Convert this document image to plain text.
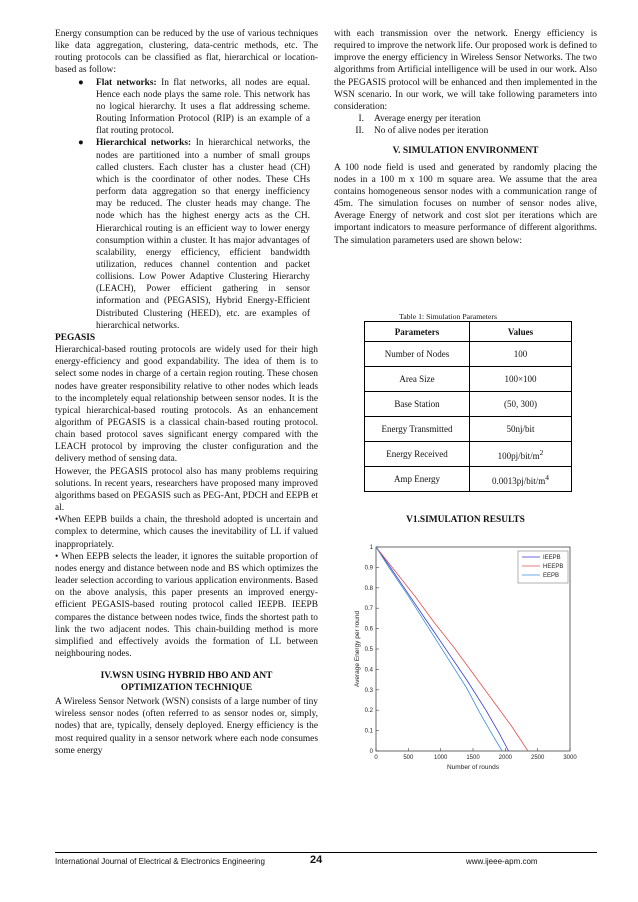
Energy consumption can be reduced by the use of various techniques like data aggregation, clustering, data-centric methods, etc. The routing protocols can be classified as flat, hierarchical or location-based as follow:

● Flat networks: In flat networks, all nodes are equal. Hence each node plays the same role. This network has no logical hierarchy. It uses a flat addressing scheme. Routing Information Protocol (RIP) is an example of a flat routing protocol.
● Hierarchical networks: In hierarchical networks, the nodes are partitioned into a number of small groups called clusters. Each cluster has a cluster head (CH) which is the coordinator of other nodes. These CHs perform data aggregation so that energy inefficiency may be reduced. The cluster heads may change. The node which has the highest energy acts as the CH. Hierarchical routing is an efficient way to lower energy consumption within a cluster. It has major advantages of scalability, energy efficiency, efficient bandwidth utilization, reduces channel contention and packet collisions. Low Power Adaptive Clustering Hierarchy (LEACH), Power efficient gathering in sensor information and (PEGASIS), Hybrid Energy-Efficient Distributed Clustering (HEED), etc. are examples of hierarchical networks.

PEGASIS

Hierarchical-based routing protocols are widely used for their high energy-efficiency and good expandability. The idea of them is to select some nodes in charge of a certain region routing. These chosen nodes have greater responsibility relative to other nodes which leads to the incompletely equal relationship between sensor nodes. It is the typical hierarchical-based routing protocols. As an enhancement algorithm of PEGASIS is a classical chain-based routing protocol. chain based protocol saves significant energy compared with the LEACH protocol by improving the cluster configuration and the delivery method of sensing data.

However, the PEGASIS protocol also has many problems requiring solutions. In recent years, researchers have proposed many improved algorithms based on PEGASIS such as PEG-Ant, PDCH and EEPB et al.

•When EEPB builds a chain, the threshold adopted is uncertain and complex to determine, which causes the inevitability of LL if valued inappropriately.

• When EEPB selects the leader, it ignores the suitable proportion of nodes energy and distance between node and BS which optimizes the leader selection according to various application environments. Based on the above analysis, this paper presents an improved energy-efficient PEGASIS-based routing protocol called IEEPB. IEEPB compares the distance between nodes twice, finds the shortest path to link the two adjacent nodes. This chain-building method is more simplified and effectively avoids the formation of LL between neighbouring nodes.

IV.WSN USING HYBRID HBO AND ANT
OPTIMIZATION TECHNIQUE

A Wireless Sensor Network (WSN) consists of a large number of tiny wireless sensor nodes (often referred to as sensor nodes or, simply, nodes) that are, typically, densely deployed. Energy efficiency is the most required quality in a sensor network where each node consumes some energy

with each transmission over the network. Energy efficiency is required to improve the network life. Our proposed work is defined to improve the energy efficiency in Wireless Sensor Networks. The two algorithms from Artificial intelligence will be used in our work. Also the PEGASIS protocol will be enhanced and then implemented in the WSN scenario. In our work, we will take following parameters into consideration:

I. Average energy per iteration
II. No of alive nodes per iteration
V. SIMULATION ENVIRONMENT

A 100 node field is used and generated by randomly placing the nodes in a 100 m x 100 m square area. We assume that the area contains homogeneous sensor nodes with a communication range of 45m. The simulation focuses on number of sensor nodes alive, Average Energy of network and cost slot per iterations which are important indicators to measure performance of different algorithms. The simulation parameters used are shown below:

Table 1: Simulation Parameters
Parameters	Values
Number of Nodes	100
Area Size	100×100
Base Station	(50, 300)
Energy Transmitted	50nj/bit
Energy Received	$100pj/bit/m^2$
Amp Energy	$0.0013pj/bit/m^4$
V1.SIMULATION RESULTS
0	500	1000	1500	2000	2500	3000
0
0.1
0.2
0.3
0.4
0.5
0.6
0.7
0.8
0.9
1
IEEPB
HEEPB
EEPB
Number of rounds
Average Energy per round
International Journal of Electrical & Electronics Engineering	24	www.ijeee-apm.com
